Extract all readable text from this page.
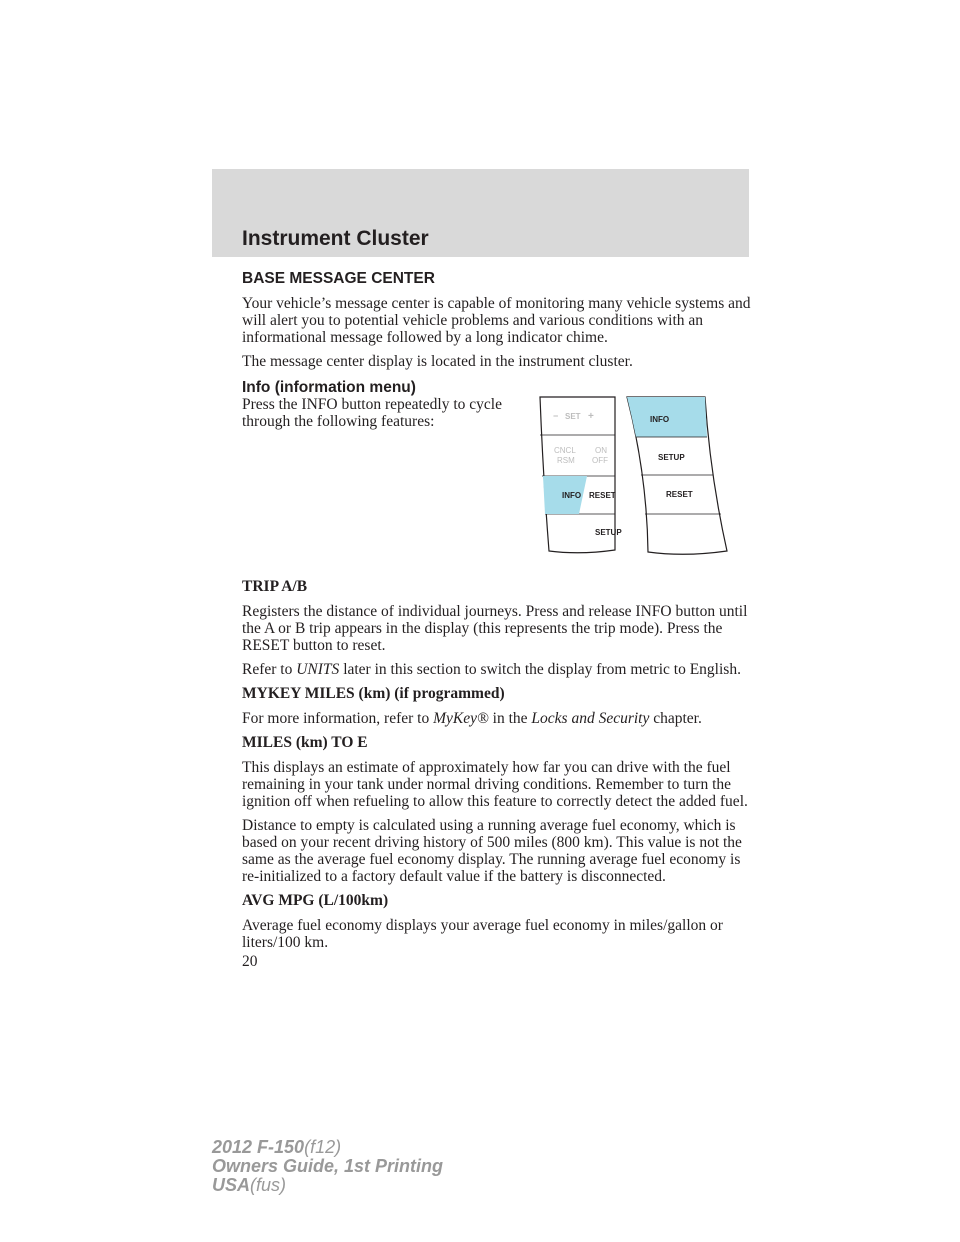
Instrument Cluster

BASE MESSAGE CENTER

Your vehicle’s message center is capable of monitoring many vehicle systems and will alert you to potential vehicle problems and various conditions with an informational message followed by a long indicator chime.

The message center display is located in the instrument cluster.

Info (information menu)

Press the INFO button repeatedly to cycle through the following features:	− SET +
CNCL
RSM
ON
OFF
INFO RESET
SETUP
INFO
SETUP
RESET

TRIP A/B

Registers the distance of individual journeys. Press and release INFO button until the A or B trip appears in the display (this represents the trip mode). Press the RESET button to reset.

Refer to UNITS later in this section to switch the display from metric to English.

MYKEY MILES (km) (if programmed)

For more information, refer to MyKey® in the Locks and Security chapter.

MILES (km) TO E

This displays an estimate of approximately how far you can drive with the fuel remaining in your tank under normal driving conditions. Remember to turn the ignition off when refueling to allow this feature to correctly detect the added fuel.

Distance to empty is calculated using a running average fuel economy, which is based on your recent driving history of 500 miles (800 km). This value is not the same as the average fuel economy display. The running average fuel economy is re-initialized to a factory default value if the battery is disconnected.

AVG MPG (L/100km)

Average fuel economy displays your average fuel economy in miles/gallon or liters/100 km.

20

2012 F-150(f12)
Owners Guide, 1st Printing
USA(fus)
